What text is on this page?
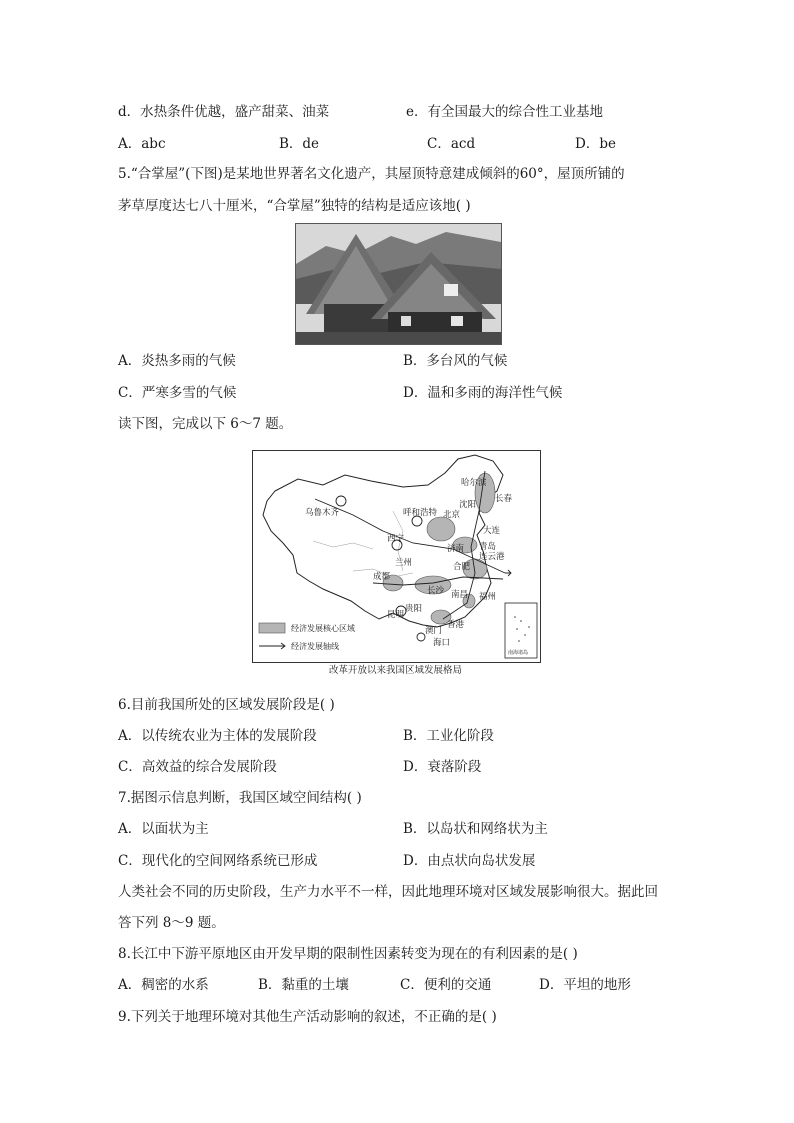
d．水热条件优越，盛产甜菜、油菜	e．有全国最大的综合性工业基地
A．abc	B．de	C．acd	D．be
5.“合掌屋”(下图)是某地世界著名文化遗产，其屋顶特意建成倾斜的60°，屋顶所铺的
茅草厚度达七八十厘米，“合掌屋”独特的结构是适应该地( )
A．炎热多雨的气候	B．多台风的气候
C．严寒多雪的气候	D．温和多雨的海洋性气候
读下图，完成以下 6～7 题。
乌鲁木齐	呼和浩特
哈尔滨
长春
沈阳
北京
大连
西宁
济南 青岛
兰州
连云港
合肥
成都
长沙 南昌 福州
昆明
贵阳
澳门
香港
海口
经济发展核心区域
经济发展轴线
南海诸岛
改革开放以来我国区域发展格局
6.目前我国所处的区域发展阶段是( )
A．以传统农业为主体的发展阶段	B．工业化阶段
C．高效益的综合发展阶段	D．衰落阶段
7.据图示信息判断，我国区域空间结构( )
A．以面状为主	B．以岛状和网络状为主
C．现代化的空间网络系统已形成	D．由点状向岛状发展
人类社会不同的历史阶段，生产力水平不一样，因此地理环境对区域发展影响很大。据此回
答下列 8～9 题。
8.长江中下游平原地区由开发早期的限制性因素转变为现在的有利因素的是( )
A．稠密的水系	B．黏重的土壤	C．便利的交通	D．平坦的地形
9.下列关于地理环境对其他生产活动影响的叙述，不正确的是( )
